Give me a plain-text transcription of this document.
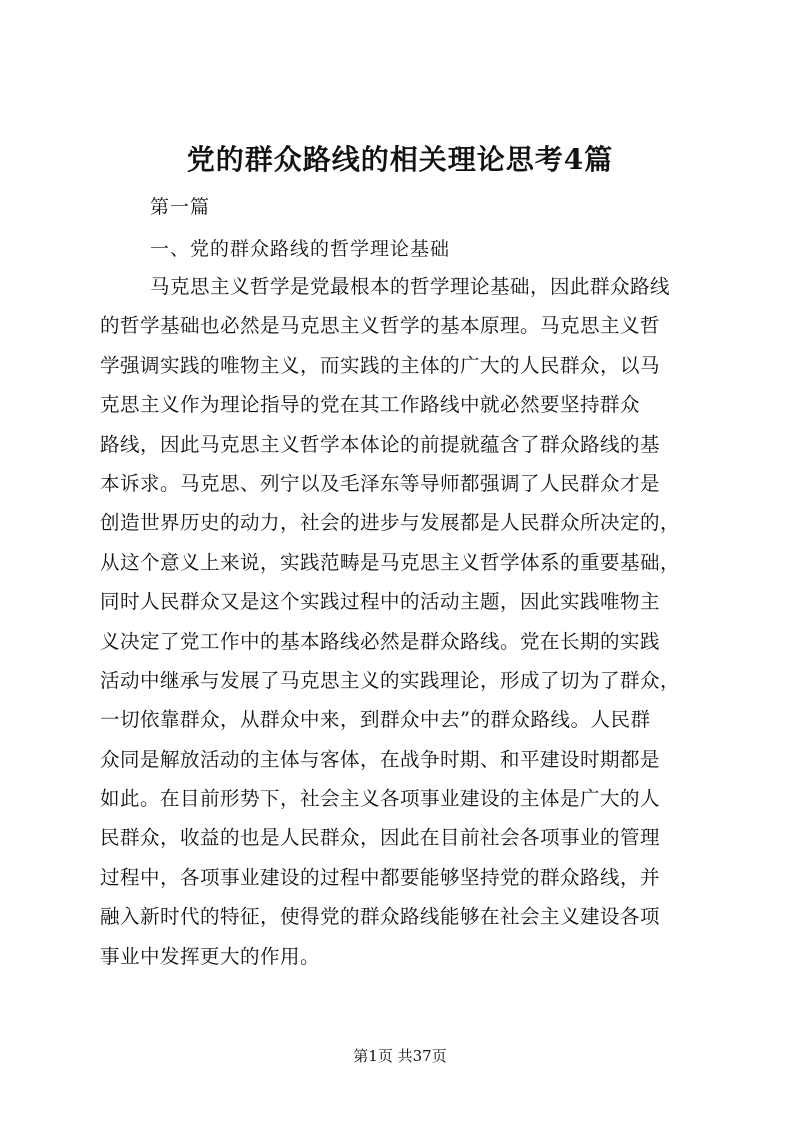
党的群众路线的相关理论思考4篇
第一篇
一、党的群众路线的哲学理论基础
马克思主义哲学是党最根本的哲学理论基础，因此群众路线
的哲学基础也必然是马克思主义哲学的基本原理。马克思主义哲
学强调实践的唯物主义，而实践的主体的广大的人民群众，以马
克思主义作为理论指导的党在其工作路线中就必然要坚持群众
路线，因此马克思主义哲学本体论的前提就蕴含了群众路线的基
本诉求。马克思、列宁以及毛泽东等导师都强调了人民群众才是
创造世界历史的动力，社会的进步与发展都是人民群众所决定的，
从这个意义上来说，实践范畴是马克思主义哲学体系的重要基础，
同时人民群众又是这个实践过程中的活动主题，因此实践唯物主
义决定了党工作中的基本路线必然是群众路线。党在长期的实践
活动中继承与发展了马克思主义的实践理论，形成了切为了群众，
一切依靠群众，从群众中来，到群众中去”的群众路线。人民群
众同是解放活动的主体与客体，在战争时期、和平建设时期都是
如此。在目前形势下，社会主义各项事业建设的主体是广大的人
民群众，收益的也是人民群众，因此在目前社会各项事业的管理
过程中，各项事业建设的过程中都要能够坚持党的群众路线，并
融入新时代的特征，使得党的群众路线能够在社会主义建设各项
事业中发挥更大的作用。
第1页 共37页
